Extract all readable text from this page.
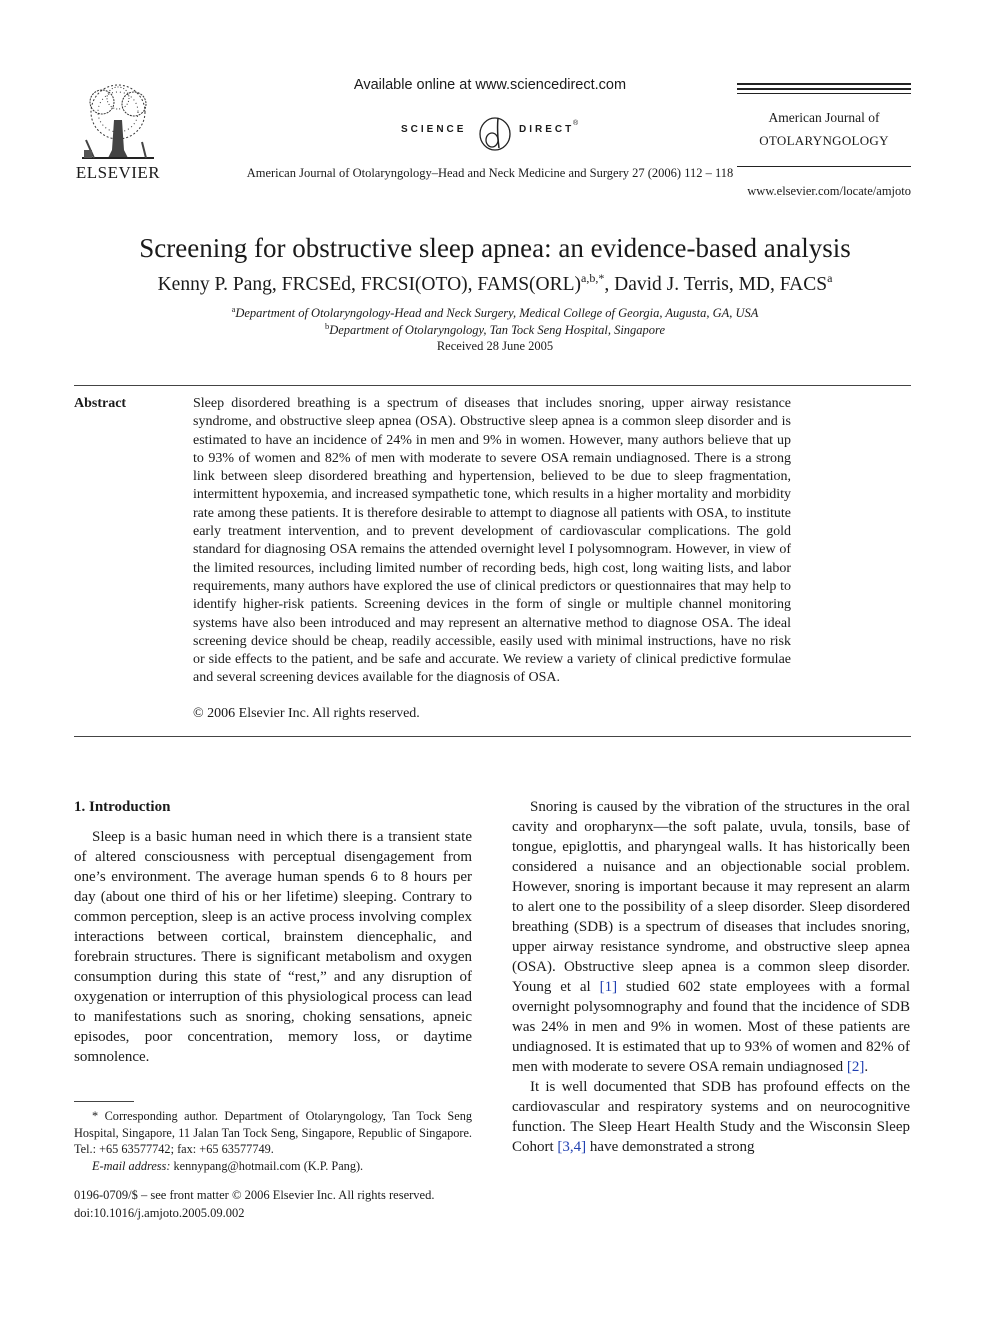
ELSEVIER
Available online at www.sciencedirect.com
SCIENCE	DIRECT
®
American Journal of Otolaryngology–Head and Neck Medicine and Surgery 27 (2006) 112 – 118
American Journal of
OTOLARYNGOLOGY
www.elsevier.com/locate/amjoto
Screening for obstructive sleep apnea: an evidence-based analysis
Kenny P. Pang, FRCSEd, FRCSI(OTO), FAMS(ORL)$^{a,b,*}$, David J. Terris, MD, FACS$^a$
$^a$Department of Otolaryngology-Head and Neck Surgery, Medical College of Georgia, Augusta, GA, USA
$^b$Department of Otolaryngology, Tan Tock Seng Hospital, Singapore
Received 28 June 2005
Abstract	Sleep disordered breathing is a spectrum of diseases that includes snoring, upper airway resistance syndrome, and obstructive sleep apnea (OSA). Obstructive sleep apnea is a common sleep disorder and is estimated to have an incidence of 24% in men and 9% in women. However, many authors believe that up to 93% of women and 82% of men with moderate to severe OSA remain undiagnosed. There is a strong link between sleep disordered breathing and hypertension, believed to be due to sleep fragmentation, intermittent hypoxemia, and increased sympathetic tone, which results in a higher mortality and morbidity rate among these patients. It is therefore desirable to attempt to diagnose all patients with OSA, to institute early treatment intervention, and to prevent development of cardiovascular complications. The gold standard for diagnosing OSA remains the attended overnight level I polysomnogram. However, in view of the limited resources, including limited number of recording beds, high cost, long waiting lists, and labor requirements, many authors have explored the use of clinical predictors or questionnaires that may help to identify higher-risk patients. Screening devices in the form of single or multiple channel monitoring systems have also been introduced and may represent an alternative method to diagnose OSA. The ideal screening device should be cheap, readily accessible, easily used with minimal instructions, have no risk or side effects to the patient, and be safe and accurate. We review a variety of clinical predictive formulae and several screening devices available for the diagnosis of OSA.
© 2006 Elsevier Inc. All rights reserved.
1. Introduction

Sleep is a basic human need in which there is a transient state of altered consciousness with perceptual disengagement from one’s environment. The average human spends 6 to 8 hours per day (about one third of his or her lifetime) sleeping. Contrary to common perception, sleep is an active process involving complex interactions between cortical, brainstem diencephalic, and forebrain structures. There is significant metabolism and oxygen consumption during this state of “rest,” and any disruption of oxygenation or interruption of this physiological process can lead to manifestations such as snoring, choking sensations, apneic episodes, poor concentration, memory loss, or daytime somnolence.

Snoring is caused by the vibration of the structures in the oral cavity and oropharynx—the soft palate, uvula, tonsils, base of tongue, epiglottis, and pharyngeal walls. It has historically been considered a nuisance and an objectionable social problem. However, snoring is important because it may represent an alarm to alert one to the possibility of a sleep disorder. Sleep disordered breathing (SDB) is a spectrum of diseases that includes snoring, upper airway resistance syndrome, and obstructive sleep apnea (OSA). Obstructive sleep apnea is a common sleep disorder. Young et al [1] studied 602 state employees with a formal overnight polysomnography and found that the incidence of SDB was 24% in men and 9% in women. Most of these patients are undiagnosed. It is estimated that up to 93% of women and 82% of men with moderate to severe OSA remain undiagnosed [2].

It is well documented that SDB has profound effects on the cardiovascular and respiratory systems and on neurocognitive function. The Sleep Heart Health Study and the Wisconsin Sleep Cohort [3,4] have demonstrated a strong

* Corresponding author. Department of Otolaryngology, Tan Tock Seng Hospital, Singapore, 11 Jalan Tan Tock Seng, Singapore, Republic of Singapore. Tel.: +65 63577742; fax: +65 63577749.
E-mail address: kennypang@hotmail.com (K.P. Pang).
0196-0709/$ – see front matter © 2006 Elsevier Inc. All rights reserved.
doi:10.1016/j.amjoto.2005.09.002
